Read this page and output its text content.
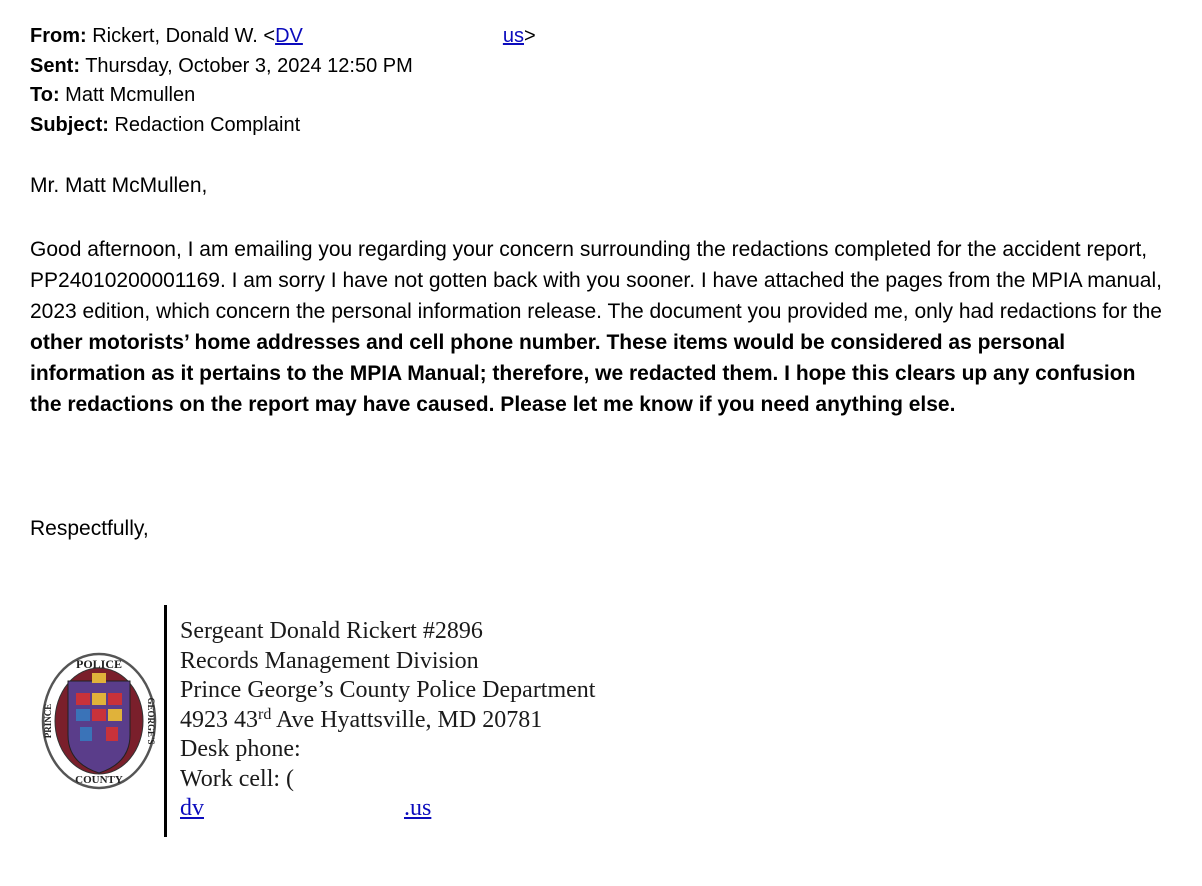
From: Rickert, Donald W. <DV	us>
Sent: Thursday, October 3, 2024 12:50 PM
To: Matt Mcmullen
Subject: Redaction Complaint
Mr. Matt McMullen,
Good afternoon, I am emailing you regarding your concern surrounding the redactions completed for the accident report, PP24010200001169. I am sorry I have not gotten back with you sooner. I have attached the pages from the MPIA manual, 2023 edition, which concern the personal information release. The document you provided me, only had redactions for the other motorists’ home addresses and cell phone number. These items would be considered as personal information as it pertains to the MPIA Manual; therefore, we redacted them. I hope this clears up any confusion the redactions on the report may have caused. Please let me know if you need anything else.
Respectfully,
POLICE
COUNTY
PRINCE	GEORGE'S
Sergeant Donald Rickert #2896
Records Management Division
Prince George’s County Police Department
4923 43rd Ave Hyattsville, MD 20781
Desk phone:
Work cell: (
dv	.us
